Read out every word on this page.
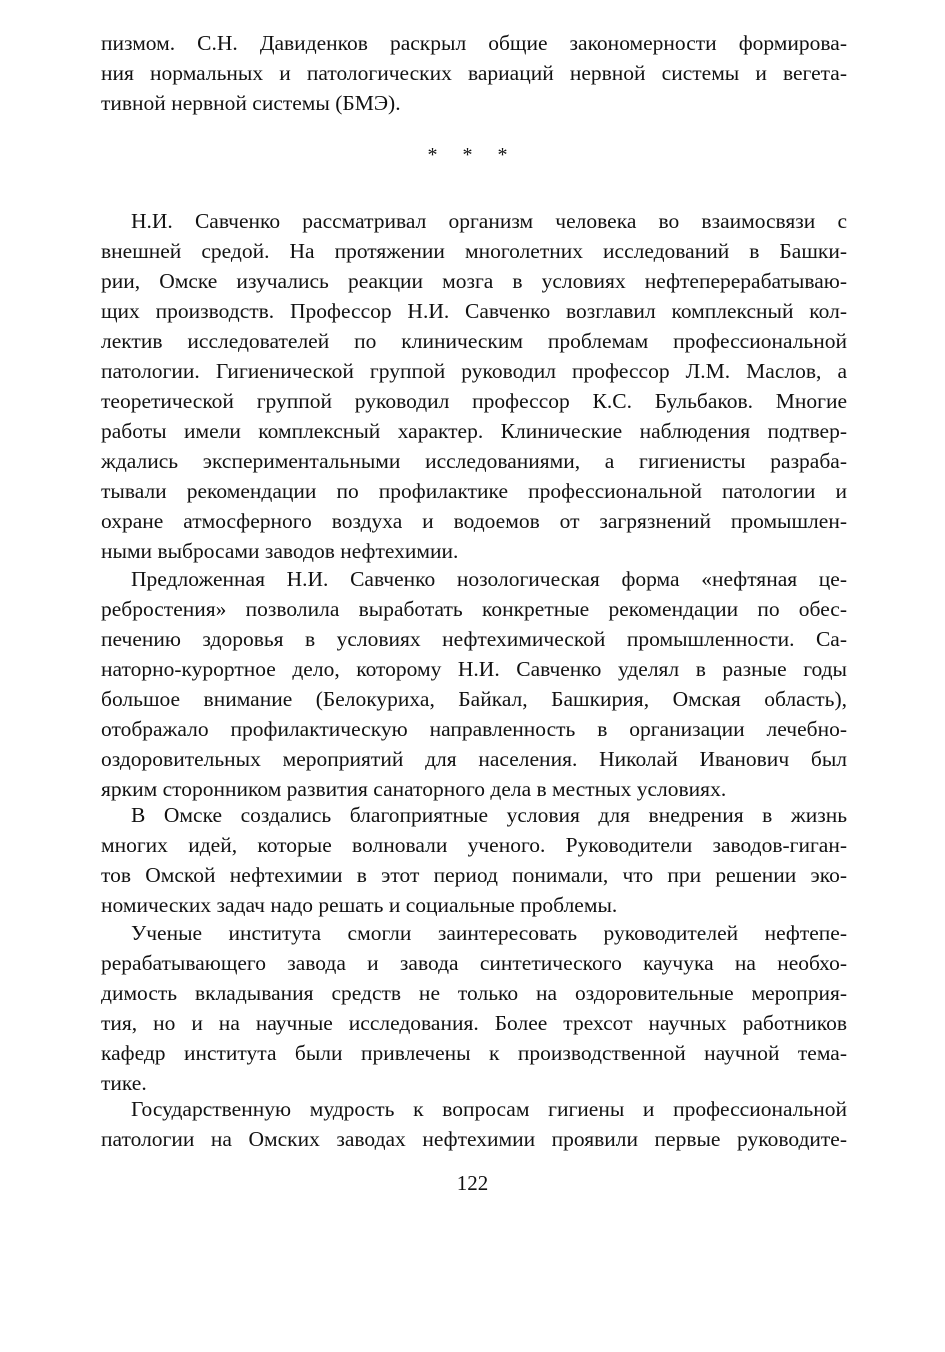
пизмом. С.Н. Давиденков раскрыл общие закономерности формирова-
ния нормальных и патологических вариаций нервной системы и вегета-
тивной нервной системы (БМЭ).
* * *
Н.И. Савченко рассматривал организм человека во взаимосвязи с
внешней средой. На протяжении многолетних исследований в Башки-
рии, Омске изучались реакции мозга в условиях нефтеперерабатываю-
щих производств. Профессор Н.И. Савченко возглавил комплексный кол-
лектив исследователей по клиническим проблемам профессиональной
патологии. Гигиенической группой руководил профессор Л.М. Маслов, а
теоретической группой руководил профессор К.С. Бульбаков. Многие
работы имели комплексный характер. Клинические наблюдения подтвер-
ждались экспериментальными исследованиями, а гигиенисты разраба-
тывали рекомендации по профилактике профессиональной патологии и
охране атмосферного воздуха и водоемов от загрязнений промышлен-
ными выбросами заводов нефтехимии.
Предложенная Н.И. Савченко нозологическая форма «нефтяная це-
ребростения» позволила выработать конкретные рекомендации по обес-
печению здоровья в условиях нефтехимической промышленности. Са-
наторно-курортное дело, которому Н.И. Савченко уделял в разные годы
большое внимание (Белокуриха, Байкал, Башкирия, Омская область),
отображало профилактическую направленность в организации лечебно-
оздоровительных мероприятий для населения. Николай Иванович был
ярким сторонником развития санаторного дела в местных условиях.
В Омске создались благоприятные условия для внедрения в жизнь
многих идей, которые волновали ученого. Руководители заводов-гиган-
тов Омской нефтехимии в этот период понимали, что при решении эко-
номических задач надо решать и социальные проблемы.
Ученые института смогли заинтересовать руководителей нефтепе-
рерабатывающего завода и завода синтетического каучука на необхо-
димость вкладывания средств не только на оздоровительные мероприя-
тия, но и на научные исследования. Более трехсот научных работников
кафедр института были привлечены к производственной научной тема-
тике.
Государственную мудрость к вопросам гигиены и профессиональной
патологии на Омских заводах нефтехимии проявили первые руководите-
122
